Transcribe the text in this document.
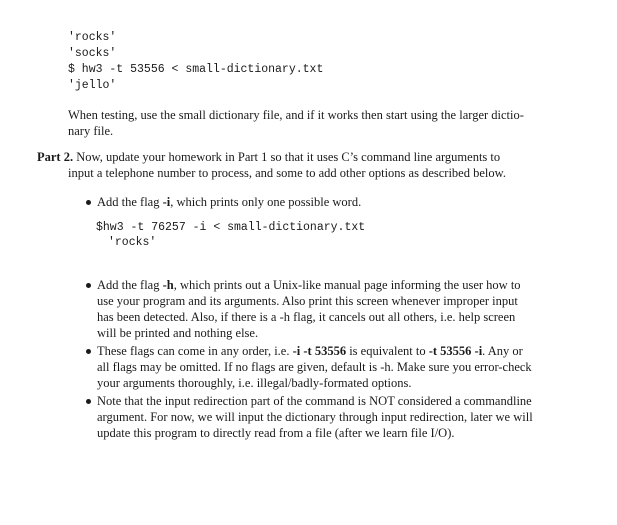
'rocks'
'socks'
$ hw3 -t 53556 < small-dictionary.txt
'jello'
When testing, use the small dictionary file, and if it works then start using the larger dictio-
nary file.
Part 2. Now, update your homework in Part 1 so that it uses C’s command line arguments to
input a telephone number to process, and some to add other options as described below.
Add the flag -i, which prints only one possible word.
$hw3 -t 76257 -i < small-dictionary.txt
'rocks'
Add the flag -h, which prints out a Unix-like manual page informing the user how to
use your program and its arguments. Also print this screen whenever improper input
has been detected. Also, if there is a -h flag, it cancels out all others, i.e. help screen
will be printed and nothing else.
These flags can come in any order, i.e. -i -t 53556 is equivalent to -t 53556 -i. Any or
all flags may be omitted. If no flags are given, default is -h. Make sure you error-check
your arguments thoroughly, i.e. illegal/badly-formated options.
Note that the input redirection part of the command is NOT considered a commandline
argument. For now, we will input the dictionary through input redirection, later we will
update this program to directly read from a file (after we learn file I/O).
